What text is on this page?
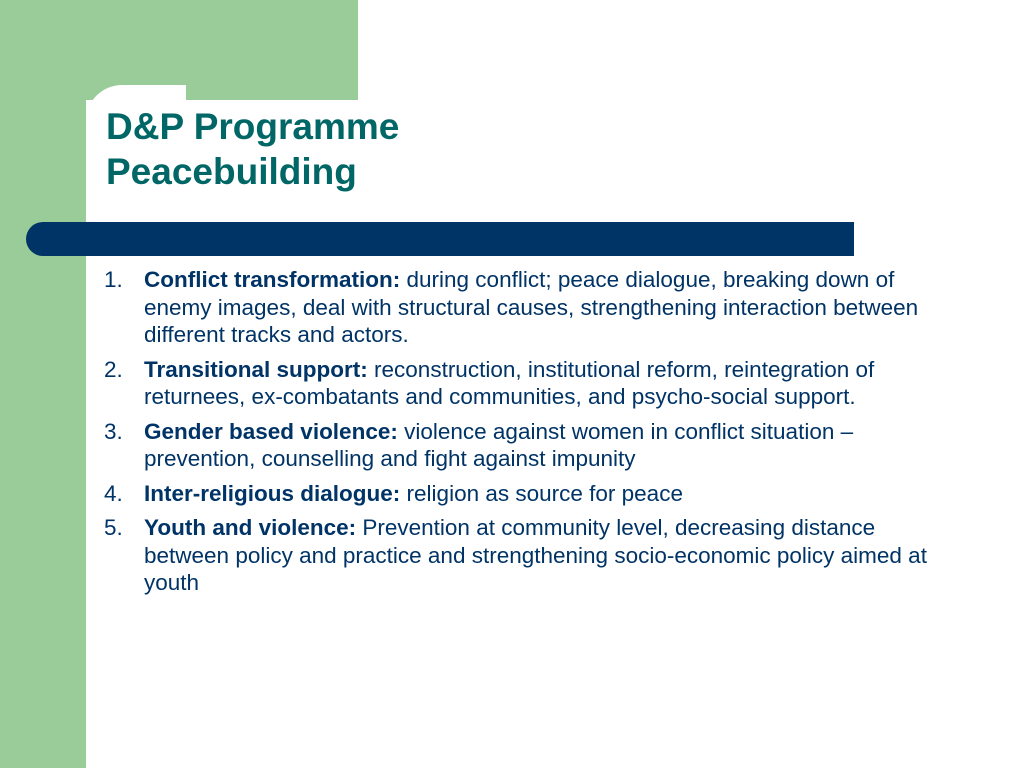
D&P Programme
Peacebuilding
1. Conflict transformation: during conflict; peace dialogue, breaking down of enemy images, deal with structural causes, strengthening interaction between different tracks and actors.
2. Transitional support: reconstruction, institutional reform, reintegration of returnees, ex-combatants and communities, and psycho-social support.
3. Gender based violence: violence against women in conflict situation – prevention, counselling and fight against impunity
4. Inter-religious dialogue: religion as source for peace
5. Youth and violence: Prevention at community level, decreasing distance between policy and practice and strengthening socio-economic policy aimed at youth
